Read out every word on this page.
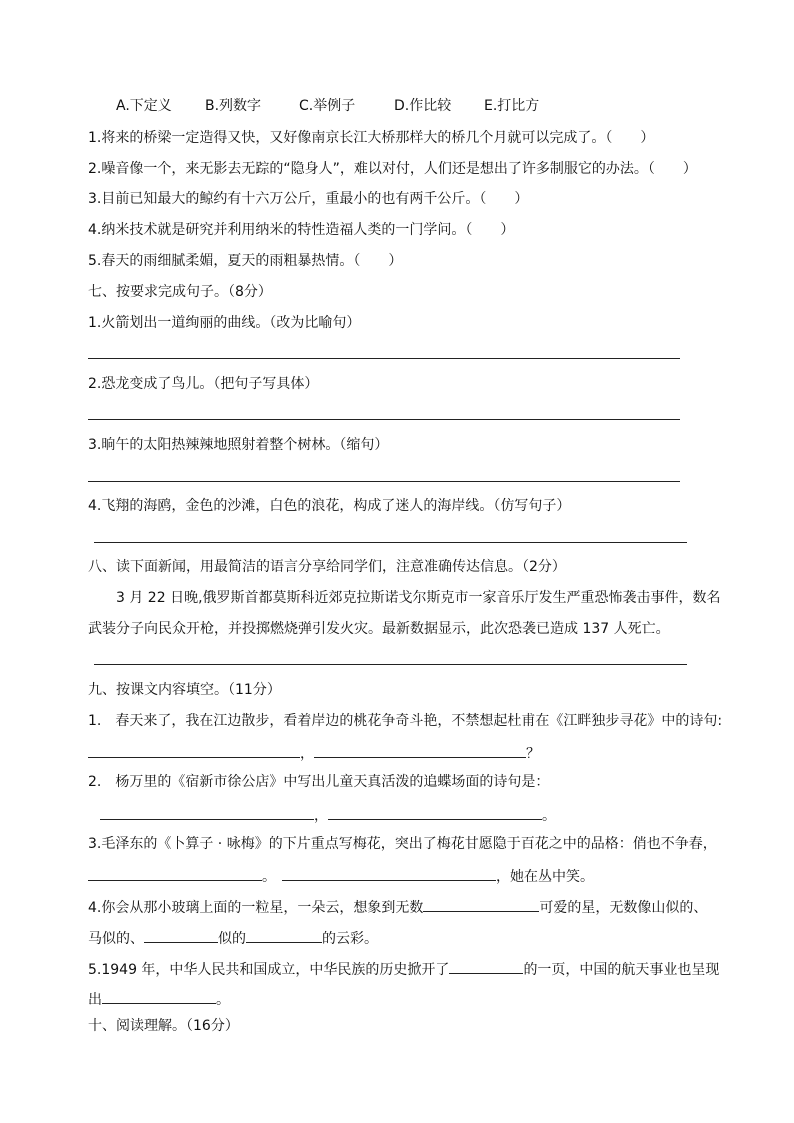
A.下定义 B.列数字	C.举例子	D.作比较 E.打比方
1.将来的桥梁一定造得又快，又好像南京长江大桥那样大的桥几个月就可以完成了。（　　）
2.噪音像一个，来无影去无踪的“隐身人”，难以对付，人们还是想出了许多制服它的办法。（　　）
3.目前已知最大的鲸约有十六万公斤，重最小的也有两千公斤。（　　）
4.纳米技术就是研究并利用纳米的特性造福人类的一门学问。（　　）
5.春天的雨细腻柔媚，夏天的雨粗暴热情。（　　）
七、按要求完成句子。（8分）
1.火箭划出一道绚丽的曲线。（改为比喻句）
2.恐龙变成了鸟儿。（把句子写具体）
3.晌午的太阳热辣辣地照射着整个树林。（缩句）
4.飞翔的海鸥，金色的沙滩，白色的浪花，构成了迷人的海岸线。（仿写句子）
八、读下面新闻，用最简洁的语言分享给同学们，注意准确传达信息。（2分）
3 月 22 日晚,俄罗斯首都莫斯科近郊克拉斯诺戈尔斯克市一家音乐厅发生严重恐怖袭击事件，数名
武装分子向民众开枪，并投掷燃烧弹引发火灾。最新数据显示，此次恐袭已造成 137 人死亡。
九、按课文内容填空。（11分）
1.　春天来了，我在江边散步，看着岸边的桃花争奇斗艳，不禁想起杜甫在《江畔独步寻花》中的诗句:
，	？
2.　杨万里的《宿新市徐公店》中写出儿童天真活泼的追蝶场面的诗句是：
，	。
3.毛泽东的《卜算子 · 咏梅》的下片重点写梅花，突出了梅花甘愿隐于百花之中的品格：俏也不争春，
。	，她在丛中笑。
4.你会从那小玻璃上面的一粒星，一朵云，想象到无数	可爱的星，无数像山似的、
马似的、	似的	的云彩。
5.1949 年，中华人民共和国成立，中华民族的历史掀开了	的一页，中国的航天事业也呈现
出	。
十、阅读理解。（16分）
